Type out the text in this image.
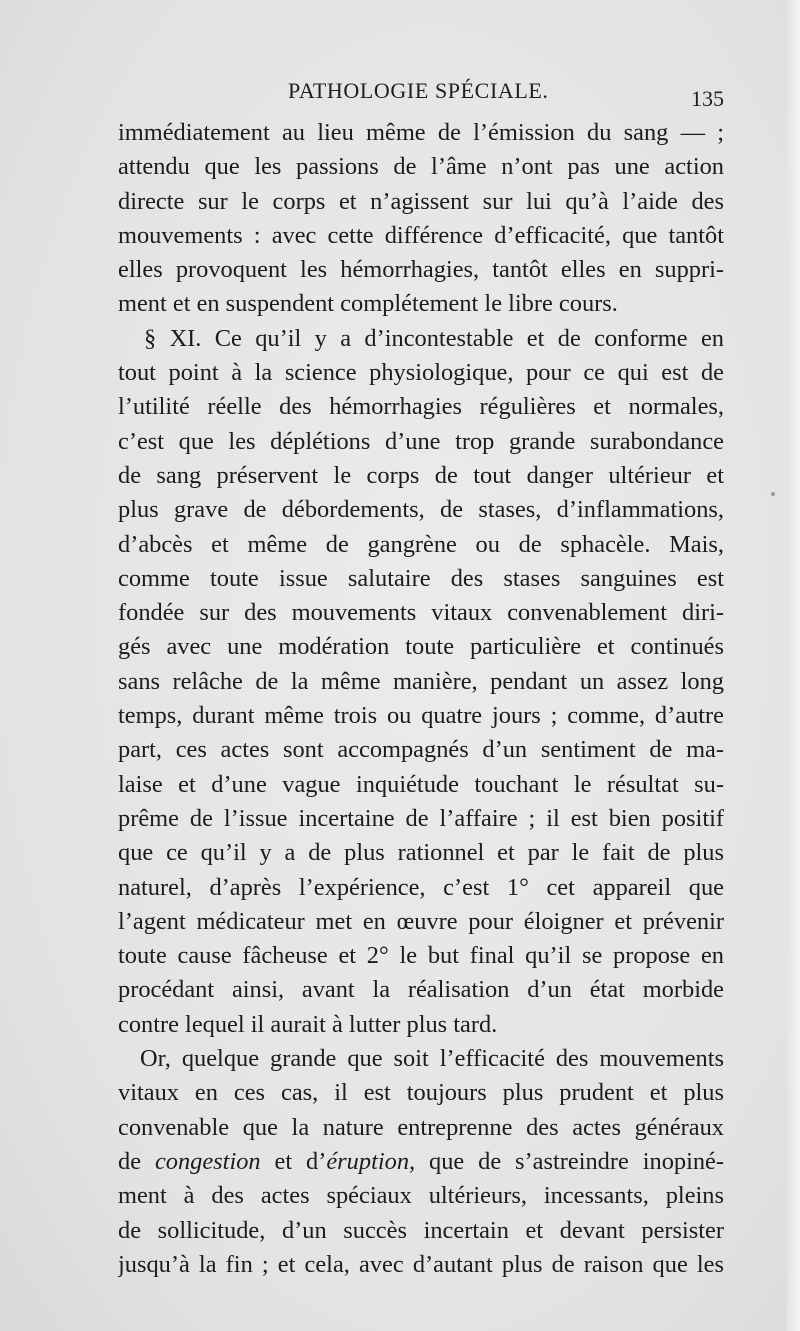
PATHOLOGIE SPÉCIALE.	135
immédiatement au lieu même de l’émission du sang — ;
attendu que les passions de l’âme n’ont pas une action
directe sur le corps et n’agissent sur lui qu’à l’aide des
mouvements : avec cette différence d’efficacité, que tantôt
elles provoquent les hémorrhagies, tantôt elles en suppri-
ment et en suspendent complétement le libre cours.
§ XI. Ce qu’il y a d’incontestable et de conforme en
tout point à la science physiologique, pour ce qui est de
l’utilité réelle des hémorrhagies régulières et normales,
c’est que les déplétions d’une trop grande surabondance
de sang préservent le corps de tout danger ultérieur et
plus grave de débordements, de stases, d’inflammations,
d’abcès et même de gangrène ou de sphacèle. Mais,
comme toute issue salutaire des stases sanguines est
fondée sur des mouvements vitaux convenablement diri-
gés avec une modération toute particulière et continués
sans relâche de la même manière, pendant un assez long
temps, durant même trois ou quatre jours ; comme, d’autre
part, ces actes sont accompagnés d’un sentiment de ma-
laise et d’une vague inquiétude touchant le résultat su-
prême de l’issue incertaine de l’affaire ; il est bien positif
que ce qu’il y a de plus rationnel et par le fait de plus
naturel, d’après l’expérience, c’est 1° cet appareil que
l’agent médicateur met en œuvre pour éloigner et prévenir
toute cause fâcheuse et 2° le but final qu’il se propose en
procédant ainsi, avant la réalisation d’un état morbide
contre lequel il aurait à lutter plus tard.
Or, quelque grande que soit l’efficacité des mouvements
vitaux en ces cas, il est toujours plus prudent et plus
convenable que la nature entreprenne des actes généraux
de congestion et d’éruption, que de s’astreindre inopiné-
ment à des actes spéciaux ultérieurs, incessants, pleins
de sollicitude, d’un succès incertain et devant persister
jusqu’à la fin ; et cela, avec d’autant plus de raison que les
